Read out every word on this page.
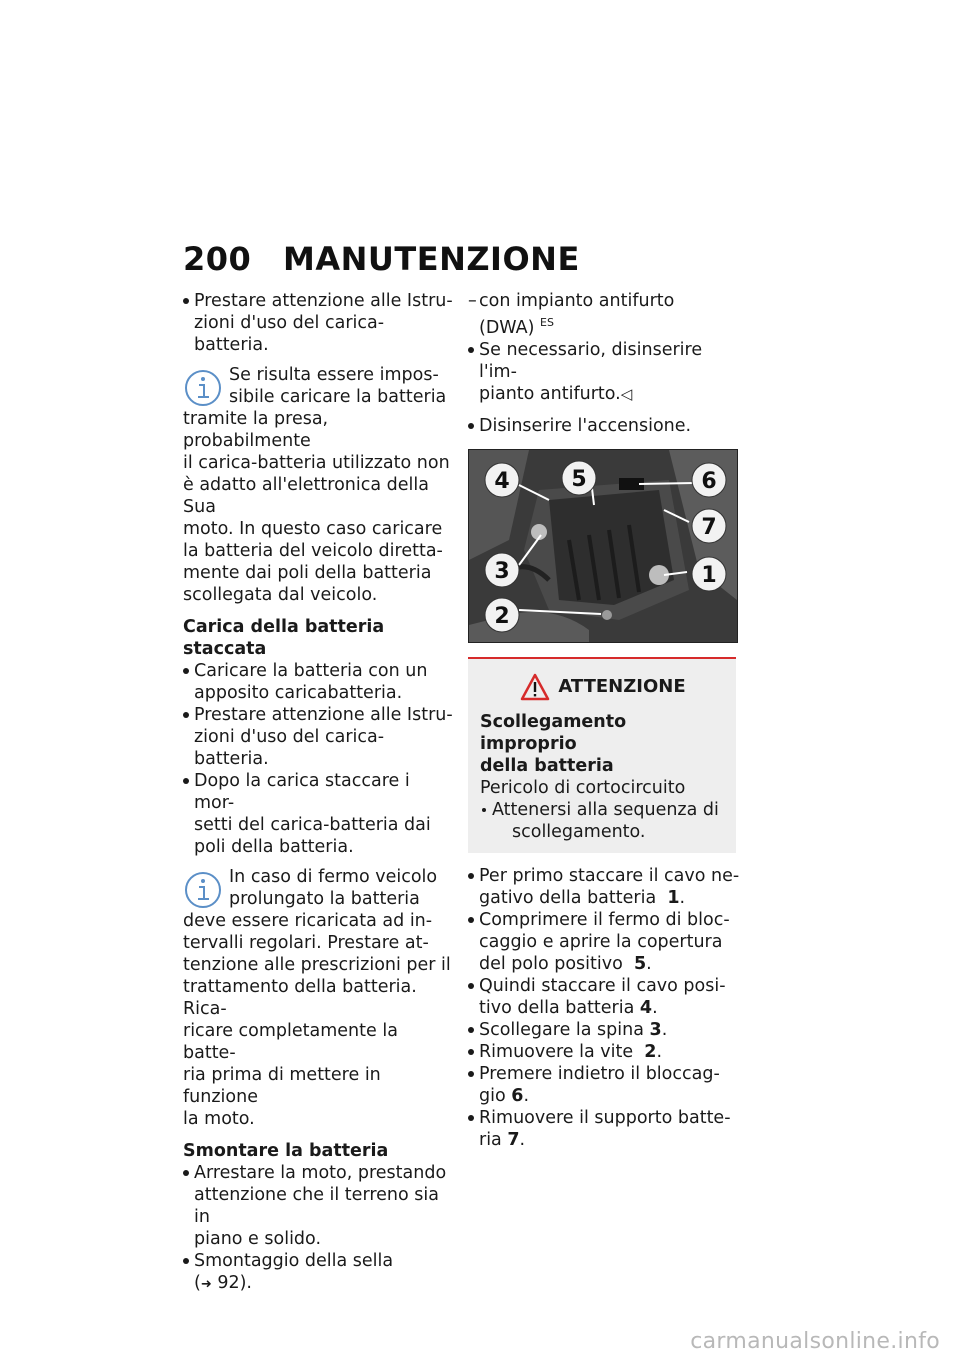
200 MANUTENZIONE
Prestare attenzione alle Istru-
zioni d'uso del carica-batteria.
Se risulta essere impos-
sibile caricare la batteria
tramite la presa, probabilmente
il carica-batteria utilizzato non
è adatto all'elettronica della Sua
moto. In questo caso caricare
la batteria del veicolo diretta-
mente dai poli della batteria
scollegata dal veicolo.
Carica della batteria staccata
Caricare la batteria con un
apposito caricabatteria.
Prestare attenzione alle Istru-
zioni d'uso del carica-batteria.
Dopo la carica staccare i mor-
setti del carica-batteria dai
poli della batteria.
In caso di fermo veicolo
prolungato la batteria
deve essere ricaricata ad in-
tervalli regolari. Prestare at-
tenzione alle prescrizioni per il
trattamento della batteria. Rica-
ricare completamente la batte-
ria prima di mettere in funzione
la moto.
Smontare la batteria
Arrestare la moto, prestando
attenzione che il terreno sia in
piano e solido.
Smontaggio della sella
(➜ 92).
– con impianto antifurto
(DWA) $^{ES}$
Se necessario, disinserire l'im-
pianto antifurto.◁
Disinserire l'accensione.
4	5	6
7
3	1
2
ATTENZIONE
Scollegamento improprio
della batteria
Pericolo di cortocircuito
Attenersi alla sequenza di
scollegamento.
Per primo staccare il cavo ne-
gativo della batteria 1.
Comprimere il fermo di bloc-
caggio e aprire la copertura
del polo positivo 5.
Quindi staccare il cavo posi-
tivo della batteria 4.
Scollegare la spina 3.
Rimuovere la vite 2.
Premere indietro il bloccag-
gio 6.
Rimuovere il supporto batte-
ria 7.
carmanualsonline.info
